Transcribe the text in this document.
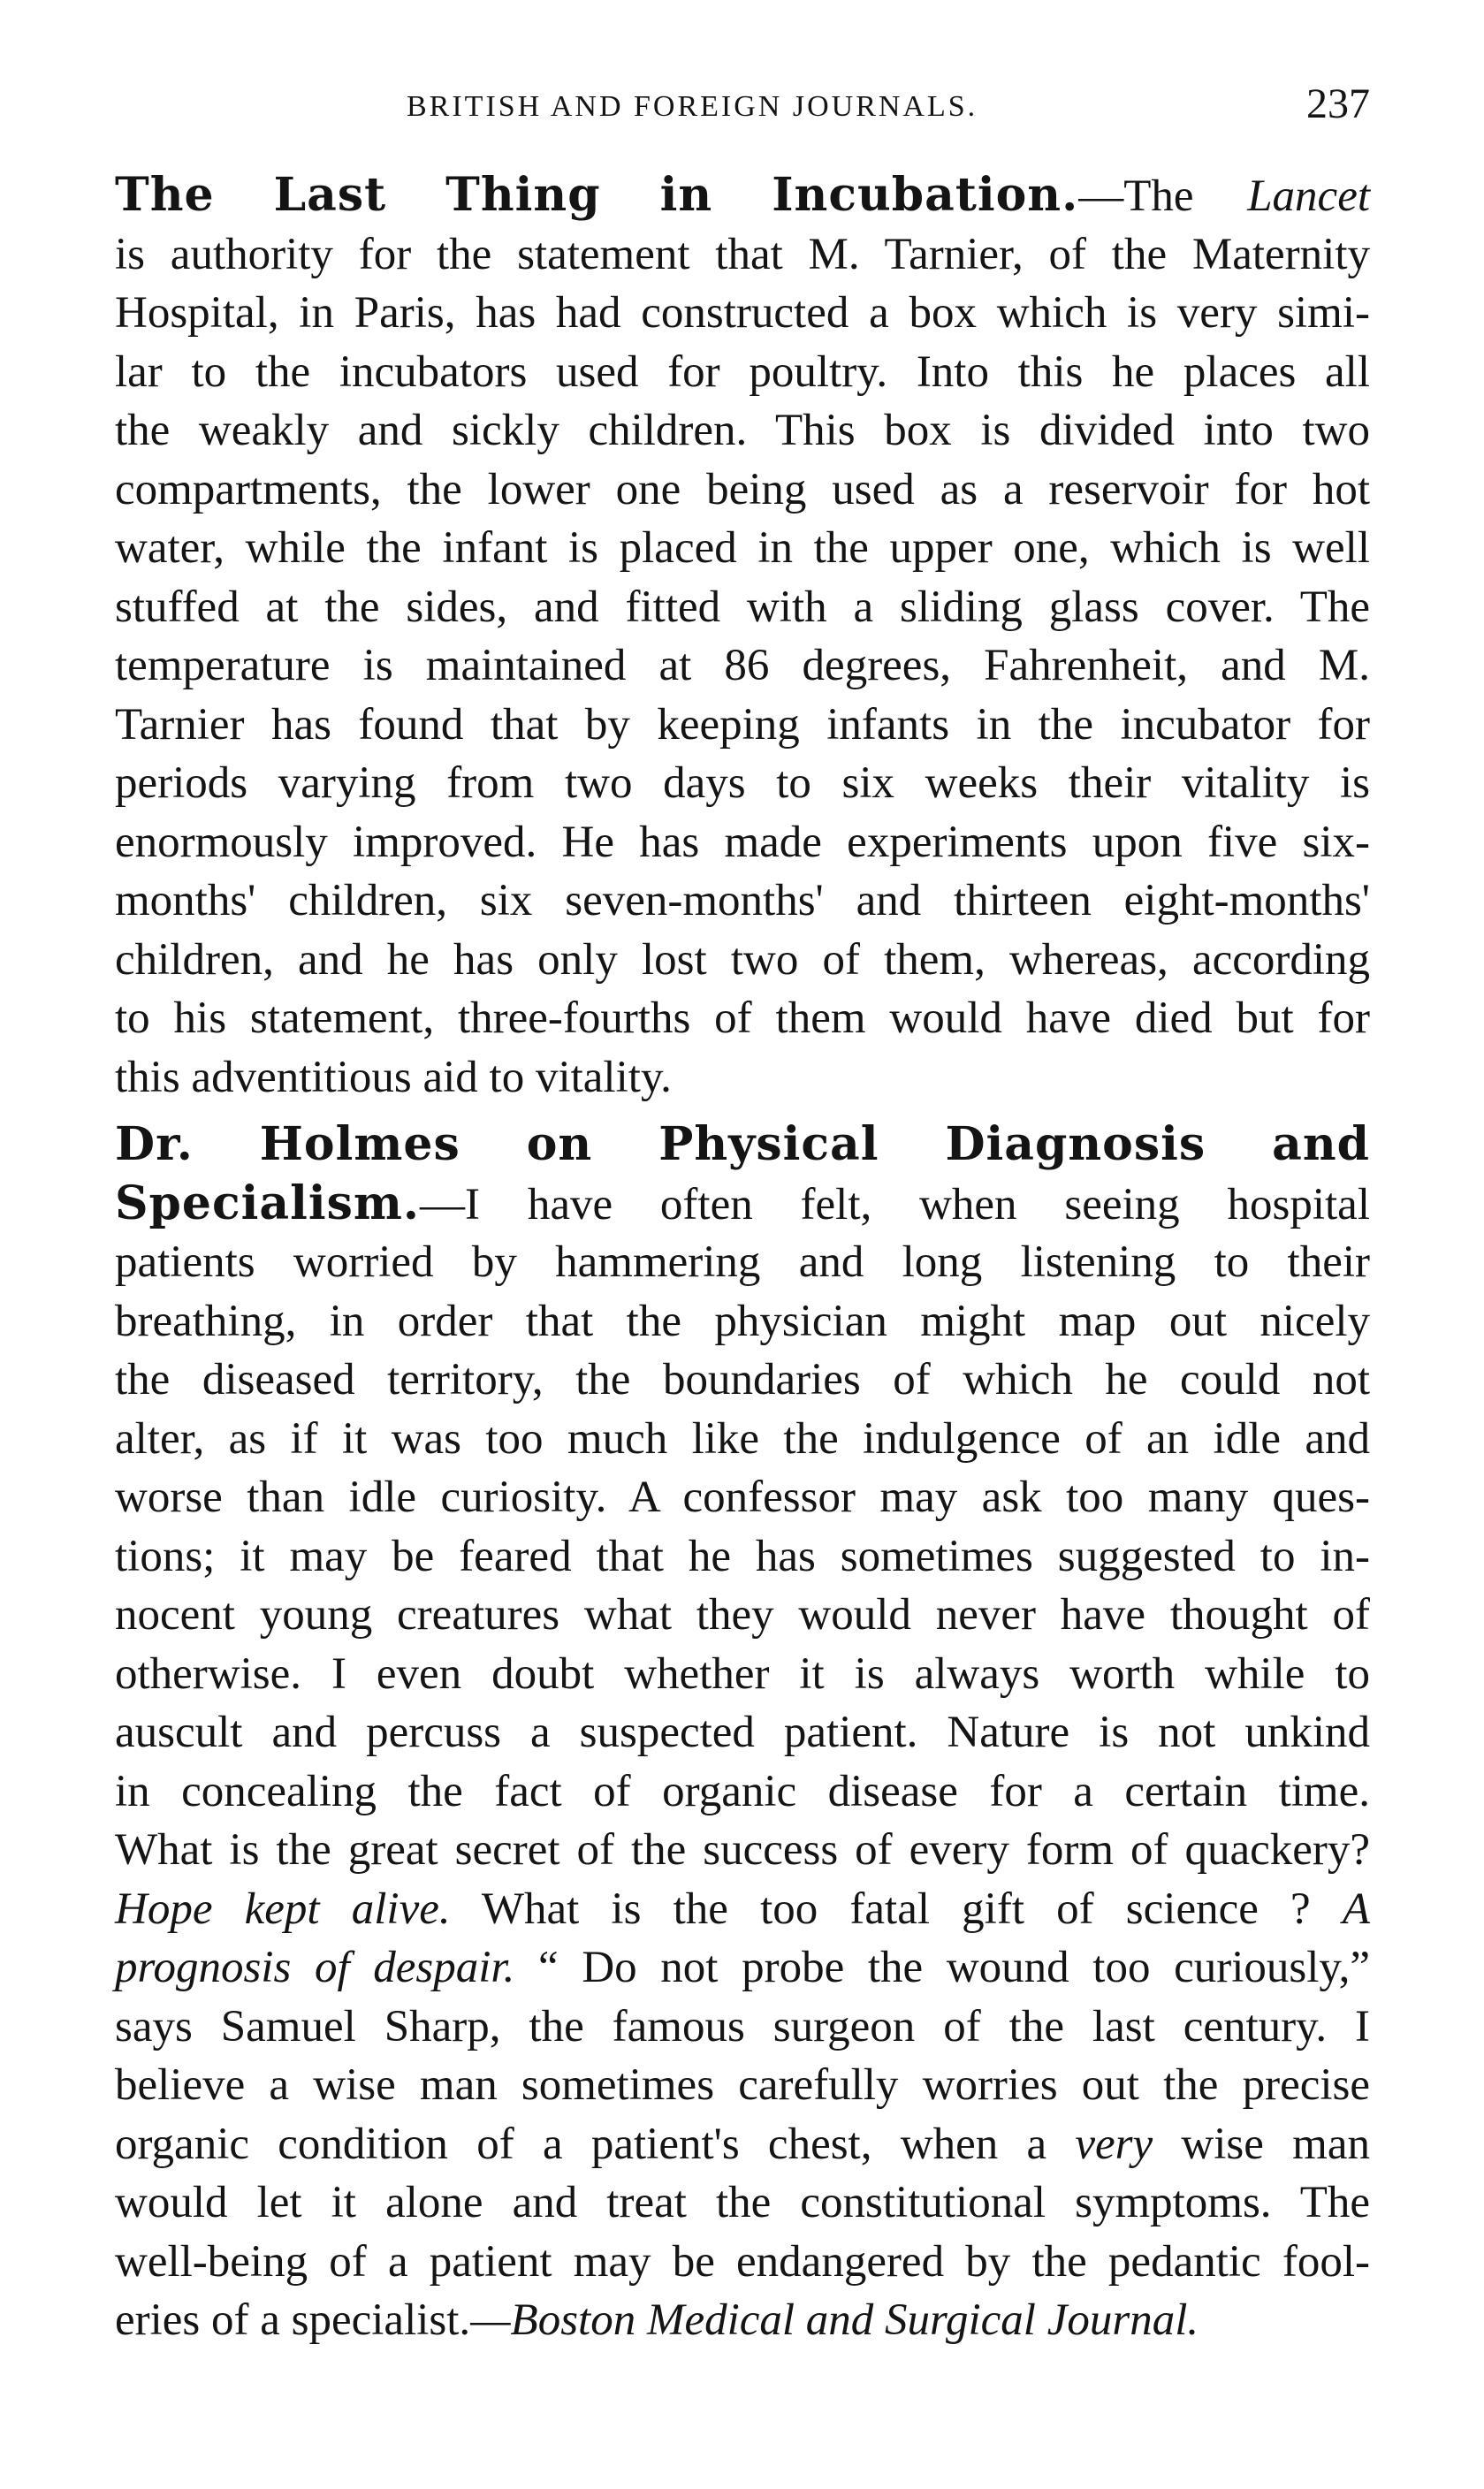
BRITISH AND FOREIGN JOURNALS.	237
The Last Thing in Incubation.—The Lancet
is authority for the statement that M. Tarnier, of the Maternity
Hospital, in Paris, has had constructed a box which is very simi-
lar to the incubators used for poultry. Into this he places all
the weakly and sickly children. This box is divided into two
compartments, the lower one being used as a reservoir for hot
water, while the infant is placed in the upper one, which is well
stuffed at the sides, and fitted with a sliding glass cover. The
temperature is maintained at 86 degrees, Fahrenheit, and M.
Tarnier has found that by keeping infants in the incubator for
periods varying from two days to six weeks their vitality is
enormously improved. He has made experiments upon five six-
months' children, six seven-months' and thirteen eight-months'
children, and he has only lost two of them, whereas, according
to his statement, three-fourths of them would have died but for
this adventitious aid to vitality.
Dr. Holmes on Physical Diagnosis and
Specialism.—I have often felt, when seeing hospital
patients worried by hammering and long listening to their
breathing, in order that the physician might map out nicely
the diseased territory, the boundaries of which he could not
alter, as if it was too much like the indulgence of an idle and
worse than idle curiosity. A confessor may ask too many ques-
tions; it may be feared that he has sometimes suggested to in-
nocent young creatures what they would never have thought of
otherwise. I even doubt whether it is always worth while to
auscult and percuss a suspected patient. Nature is not unkind
in concealing the fact of organic disease for a certain time.
What is the great secret of the success of every form of quackery?
Hope kept alive. What is the too fatal gift of science ? A
prognosis of despair. “ Do not probe the wound too curiously,”
says Samuel Sharp, the famous surgeon of the last century. I
believe a wise man sometimes carefully worries out the precise
organic condition of a patient's chest, when a very wise man
would let it alone and treat the constitutional symptoms. The
well-being of a patient may be endangered by the pedantic fool-
eries of a specialist.—Boston Medical and Surgical Journal.
